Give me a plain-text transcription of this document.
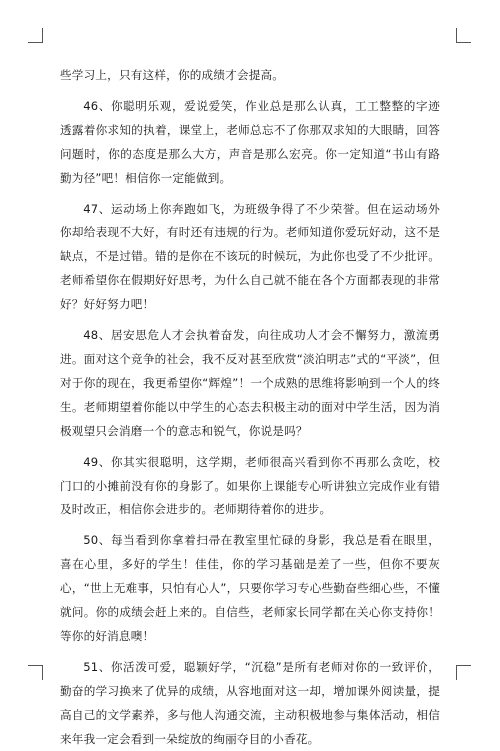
些学习上，只有这样，你的成绩才会提高。

46、你聪明乐观，爱说爱笑，作业总是那么认真，工工整整的字迹透露着你求知的执着，课堂上，老师总忘不了你那双求知的大眼睛，回答问题时，你的态度是那么大方，声音是那么宏亮。你一定知道“书山有路勤为径”吧！相信你一定能做到。

47、运动场上你奔跑如飞，为班级争得了不少荣誉。但在运动场外你却给表现不大好，有时还有违规的行为。老师知道你爱玩好动，这不是缺点，不是过错。错的是你在不该玩的时候玩，为此你也受了不少批评。老师希望你在假期好好思考，为什么自己就不能在各个方面都表现的非常好？好好努力吧！

48、居安思危人才会执着奋发，向往成功人才会不懈努力，激流勇进。面对这个竞争的社会，我不反对甚至欣赏“淡泊明志”式的“平淡”，但对于你的现在，我更希望你“辉煌”！一个成熟的思维将影响到一个人的终生。老师期望着你能以中学生的心态去积极主动的面对中学生活，因为消极观望只会消磨一个的意志和锐气，你说是吗？

49、你其实很聪明，这学期，老师很高兴看到你不再那么贪吃，校门口的小摊前没有你的身影了。如果你上课能专心听讲独立完成作业有错及时改正，相信你会进步的。老师期待着你的进步。

50、每当看到你拿着扫帚在教室里忙碌的身影，我总是看在眼里，喜在心里，多好的学生！佳佳，你的学习基础是差了一些，但你不要灰心，“世上无难事，只怕有心人”，只要你学习专心些勤奋些细心些，不懂就问。你的成绩会赶上来的。自信些，老师家长同学都在关心你支持你！等你的好消息噢！

51、你活泼可爱，聪颖好学，“沉稳”是所有老师对你的一致评价，勤奋的学习换来了优异的成绩，从容地面对这一却，增加课外阅读量，提高自己的文学素养，多与他人沟通交流，主动积极地参与集体活动，相信来年我一定会看到一朵绽放的绚丽夺目的小香花。
